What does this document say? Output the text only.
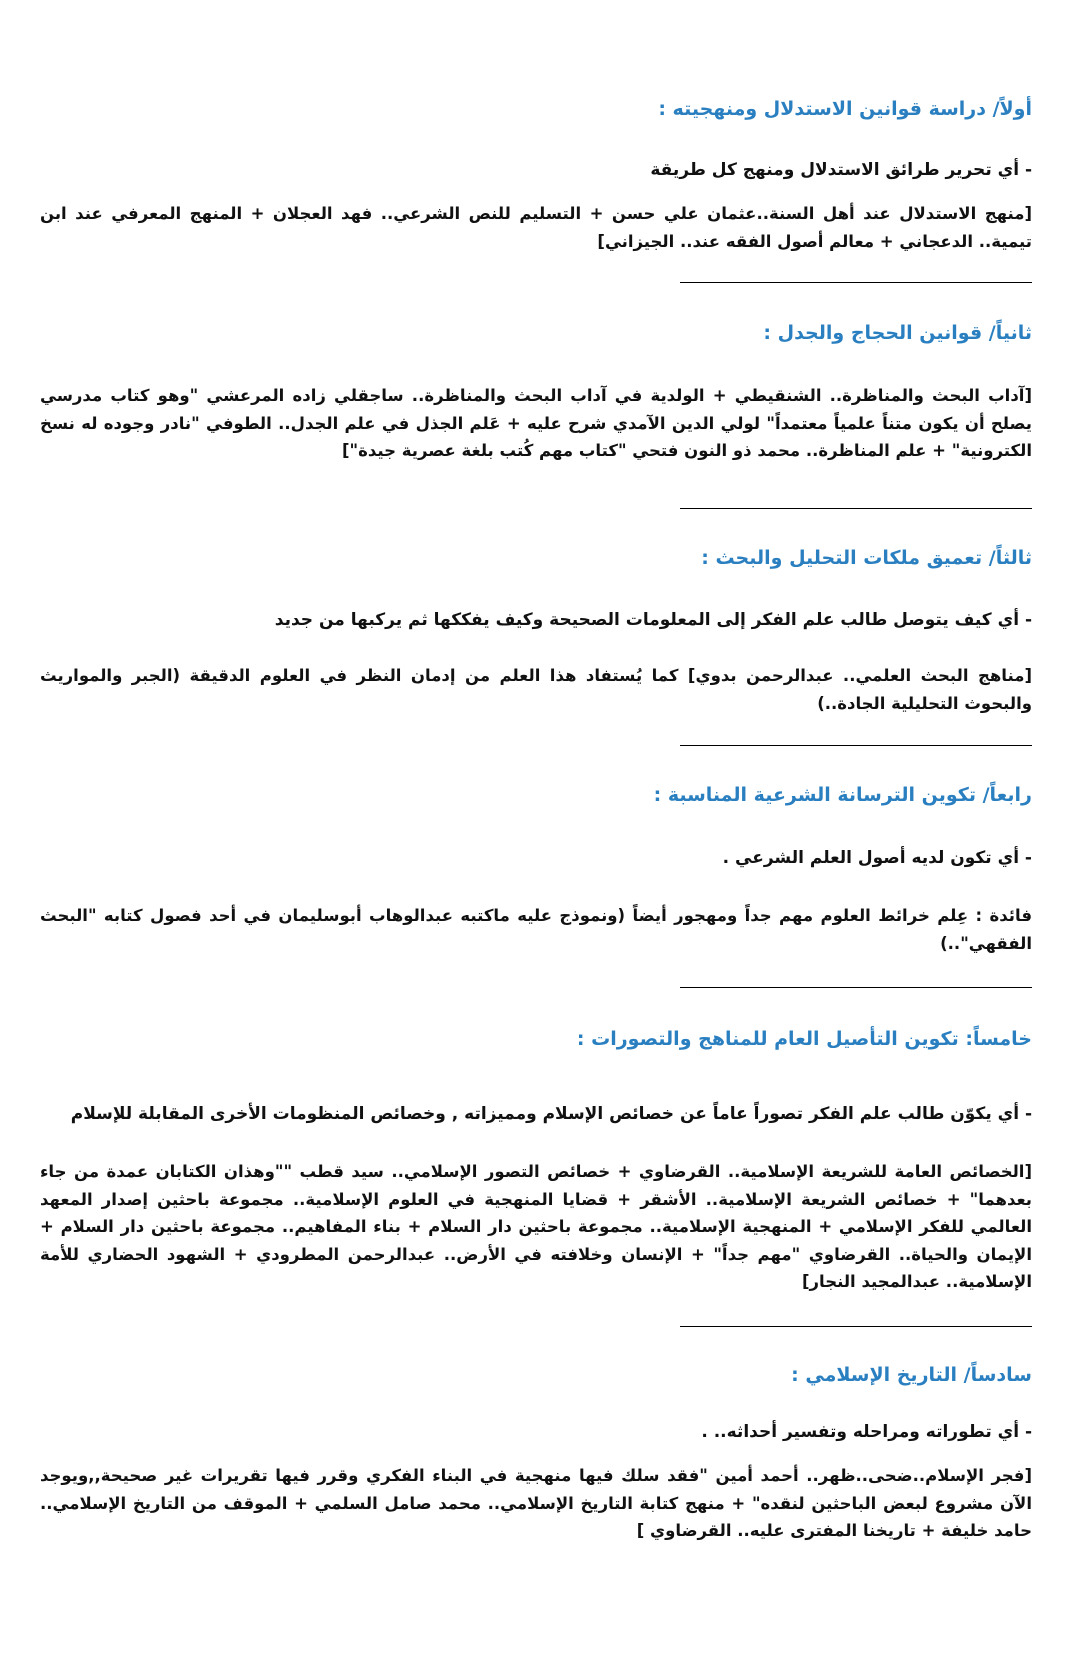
أولاً/ دراسة قوانين الاستدلال ومنهجيته :

- أي تحرير طرائق الاستدلال ومنهج كل طريقة

[منهج الاستدلال عند أهل السنة..عثمان علي حسن + التسليم للنص الشرعي.. فهد العجلان + المنهج المعرفي عند ابن تيمية.. الدعجاني + معالم أصول الفقه عند.. الجيزاني]

ثانياً/ قوانين الحجاج والجدل :

[آداب البحث والمناظرة.. الشنقيطي + الولدية في آداب البحث والمناظرة.. ساجقلي زاده المرعشي "وهو كتاب مدرسي يصلح أن يكون متناً علمياً معتمداً" لولي الدين الآمدي شرح عليه + عَلم الجذل في علم الجدل.. الطوفي "نادر وجوده له نسخ الكترونية" + علم المناظرة.. محمد ذو النون فتحي "كتاب مهم كُتب بلغة عصرية جيدة"]

ثالثاً/ تعميق ملكات التحليل والبحث :

- أي كيف يتوصل طالب علم الفكر إلى المعلومات الصحيحة وكيف يفككها ثم يركبها من جديد

[مناهج البحث العلمي.. عبدالرحمن بدوي] كما يُستفاد هذا العلم من إدمان النظر في العلوم الدقيقة (الجبر والمواريث والبحوث التحليلية الجادة..)

رابعاً/ تكوين الترسانة الشرعية المناسبة :

- أي تكون لديه أصول العلم الشرعي .

فائدة : عِلم خرائط العلوم مهم جداً ومهجور أيضاً (ونموذج عليه ماكتبه عبدالوهاب أبوسليمان في أحد فصول كتابه "البحث الفقهي"..)

خامساً: تكوين التأصيل العام للمناهج والتصورات :

- أي يكوّن طالب علم الفكر تصوراً عاماً عن خصائص الإسلام ومميزاته , وخصائص المنظومات الأخرى المقابلة للإسلام

[الخصائص العامة للشريعة الإسلامية.. القرضاوي + خصائص التصور الإسلامي.. سيد قطب ""وهذان الكتابان عمدة من جاء بعدهما" + خصائص الشريعة الإسلامية.. الأشقر + قضايا المنهجية في العلوم الإسلامية.. مجموعة باحثين إصدار المعهد العالمي للفكر الإسلامي + المنهجية الإسلامية.. مجموعة باحثين دار السلام + بناء المفاهيم.. مجموعة باحثين دار السلام + الإيمان والحياة.. القرضاوي "مهم جداً" + الإنسان وخلافته في الأرض.. عبدالرحمن المطرودي + الشهود الحضاري للأمة الإسلامية.. عبدالمجيد النجار]

سادساً/ التاريخ الإسلامي :

- أي تطوراته ومراحله وتفسير أحداثه.. .

[فجر الإسلام..ضحى..ظهر.. أحمد أمين "فقد سلك فيها منهجية في البناء الفكري وقرر فيها تقريرات غير صحيحة,,ويوجد الآن مشروع لبعض الباحثين لنقده" + منهج كتابة التاريخ الإسلامي.. محمد صامل السلمي + الموقف من التاريخ الإسلامي.. حامد خليفة + تاريخنا المفترى عليه.. القرضاوي ]
